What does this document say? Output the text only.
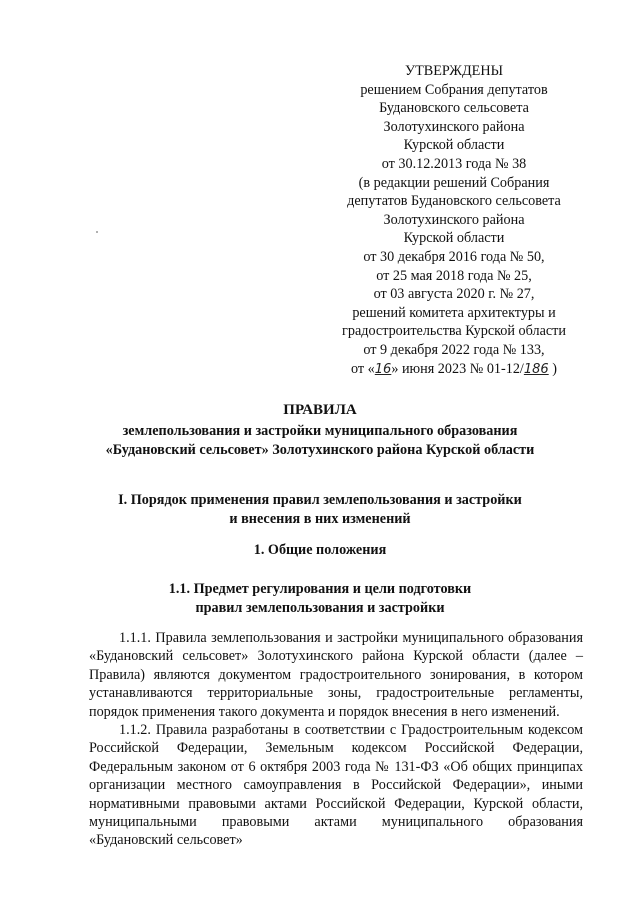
УТВЕРЖДЕНЫ
решением Собрания депутатов
Будановского сельсовета
Золотухинского района
Курской области
от 30.12.2013 года № 38
(в редакции решений Собрания
депутатов Будановского сельсовета
Золотухинского района
Курской области
от 30 декабря 2016 года № 50,
от 25 мая 2018 года № 25,
от 03 августа 2020 г. № 27,
решений комитета архитектуры и
градостроительства Курской области
от 9 декабря 2022 года № 133,
от «16» июня 2023 № 01-12/186 )
ПРАВИЛА
землепользования и застройки муниципального образования
«Будановский сельсовет» Золотухинского района Курской области
I. Порядок применения правил землепользования и застройки
и внесения в них изменений
1. Общие положения
1.1. Предмет регулирования и цели подготовки
правил землепользования и застройки

1.1.1. Правила землепользования и застройки муниципального образования «Будановский сельсовет» Золотухинского района Курской области (далее – Правила) являются документом градостроительного зонирования, в котором устанавливаются территориальные зоны, градостроительные регламенты, порядок применения такого документа и порядок внесения в него изменений.

1.1.2. Правила разработаны в соответствии с Градостроительным кодексом Российской Федерации, Земельным кодексом Российской Федерации, Федеральным законом от 6 октября 2003 года № 131-ФЗ «Об общих принципах организации местного самоуправления в Российской Федерации», иными нормативными правовыми актами Российской Федерации, Курской области, муниципальными правовыми актами муниципального образования «Будановский сельсовет»
